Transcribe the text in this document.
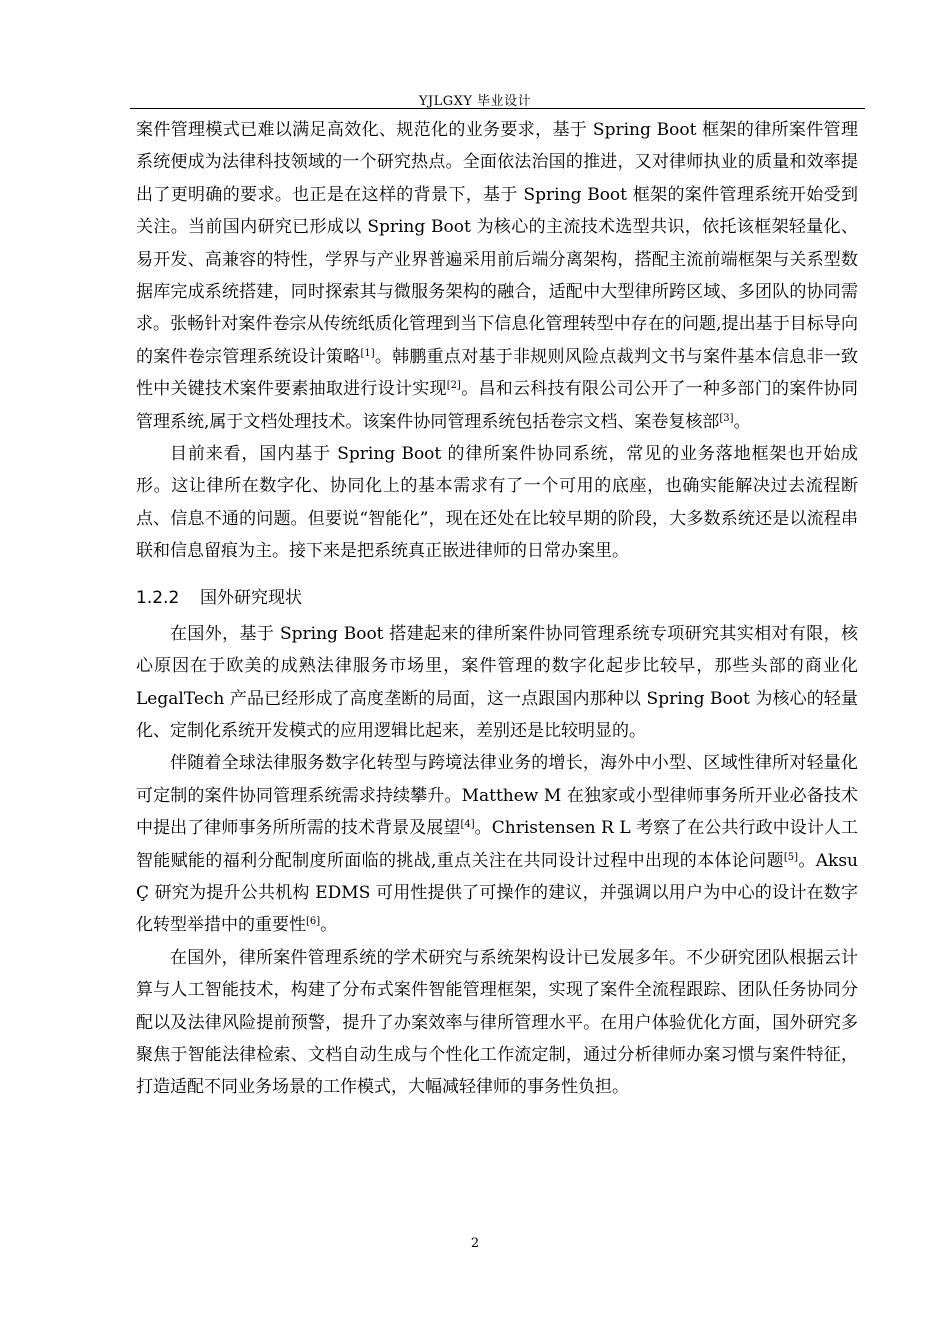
YJLGXY 毕业设计

案件管理模式已难以满足高效化、规范化的业务要求，基于 Spring Boot 框架的律所案件管理系统便成为法律科技领域的一个研究热点。全面依法治国的推进，又对律师执业的质量和效率提出了更明确的要求。也正是在这样的背景下，基于 Spring Boot 框架的案件管理系统开始受到关注。当前国内研究已形成以 Spring Boot 为核心的主流技术选型共识，依托该框架轻量化、易开发、高兼容的特性，学界与产业界普遍采用前后端分离架构，搭配主流前端框架与关系型数据库完成系统搭建，同时探索其与微服务架构的融合，适配中大型律所跨区域、多团队的协同需求。张畅针对案件卷宗从传统纸质化管理到当下信息化管理转型中存在的问题,提出基于目标导向的案件卷宗管理系统设计策略[1]。韩鹏重点对基于非规则风险点裁判文书与案件基本信息非一致性中关键技术案件要素抽取进行设计实现[2]。昌和云科技有限公司公开了一种多部门的案件协同管理系统,属于文档处理技术。该案件协同管理系统包括卷宗文档、案卷复核部[3]。

目前来看，国内基于 Spring Boot 的律所案件协同系统，常见的业务落地框架也开始成形。这让律所在数字化、协同化上的基本需求有了一个可用的底座，也确实能解决过去流程断点、信息不通的问题。但要说“智能化”，现在还处在比较早期的阶段，大多数系统还是以流程串联和信息留痕为主。接下来是把系统真正嵌进律师的日常办案里。

1.2.2 国外研究现状

在国外，基于 Spring Boot 搭建起来的律所案件协同管理系统专项研究其实相对有限，核心原因在于欧美的成熟法律服务市场里，案件管理的数字化起步比较早，那些头部的商业化 LegalTech 产品已经形成了高度垄断的局面，这一点跟国内那种以 Spring Boot 为核心的轻量化、定制化系统开发模式的应用逻辑比起来，差别还是比较明显的。

伴随着全球法律服务数字化转型与跨境法律业务的增长，海外中小型、区域性律所对轻量化可定制的案件协同管理系统需求持续攀升。Matthew M 在独家或小型律师事务所开业必备技术中提出了律师事务所所需的技术背景及展望[4]。Christensen R L 考察了在公共行政中设计人工智能赋能的福利分配制度所面临的挑战,重点关注在共同设计过程中出现的本体论问题[5]。Aksu Ç 研究为提升公共机构 EDMS 可用性提供了可操作的建议，并强调以用户为中心的设计在数字化转型举措中的重要性[6]。

在国外，律所案件管理系统的学术研究与系统架构设计已发展多年。不少研究团队根据云计算与人工智能技术，构建了分布式案件智能管理框架，实现了案件全流程跟踪、团队任务协同分配以及法律风险提前预警，提升了办案效率与律所管理水平。在用户体验优化方面，国外研究多聚焦于智能法律检索、文档自动生成与个性化工作流定制，通过分析律师办案习惯与案件特征，打造适配不同业务场景的工作模式，大幅减轻律师的事务性负担。

2
